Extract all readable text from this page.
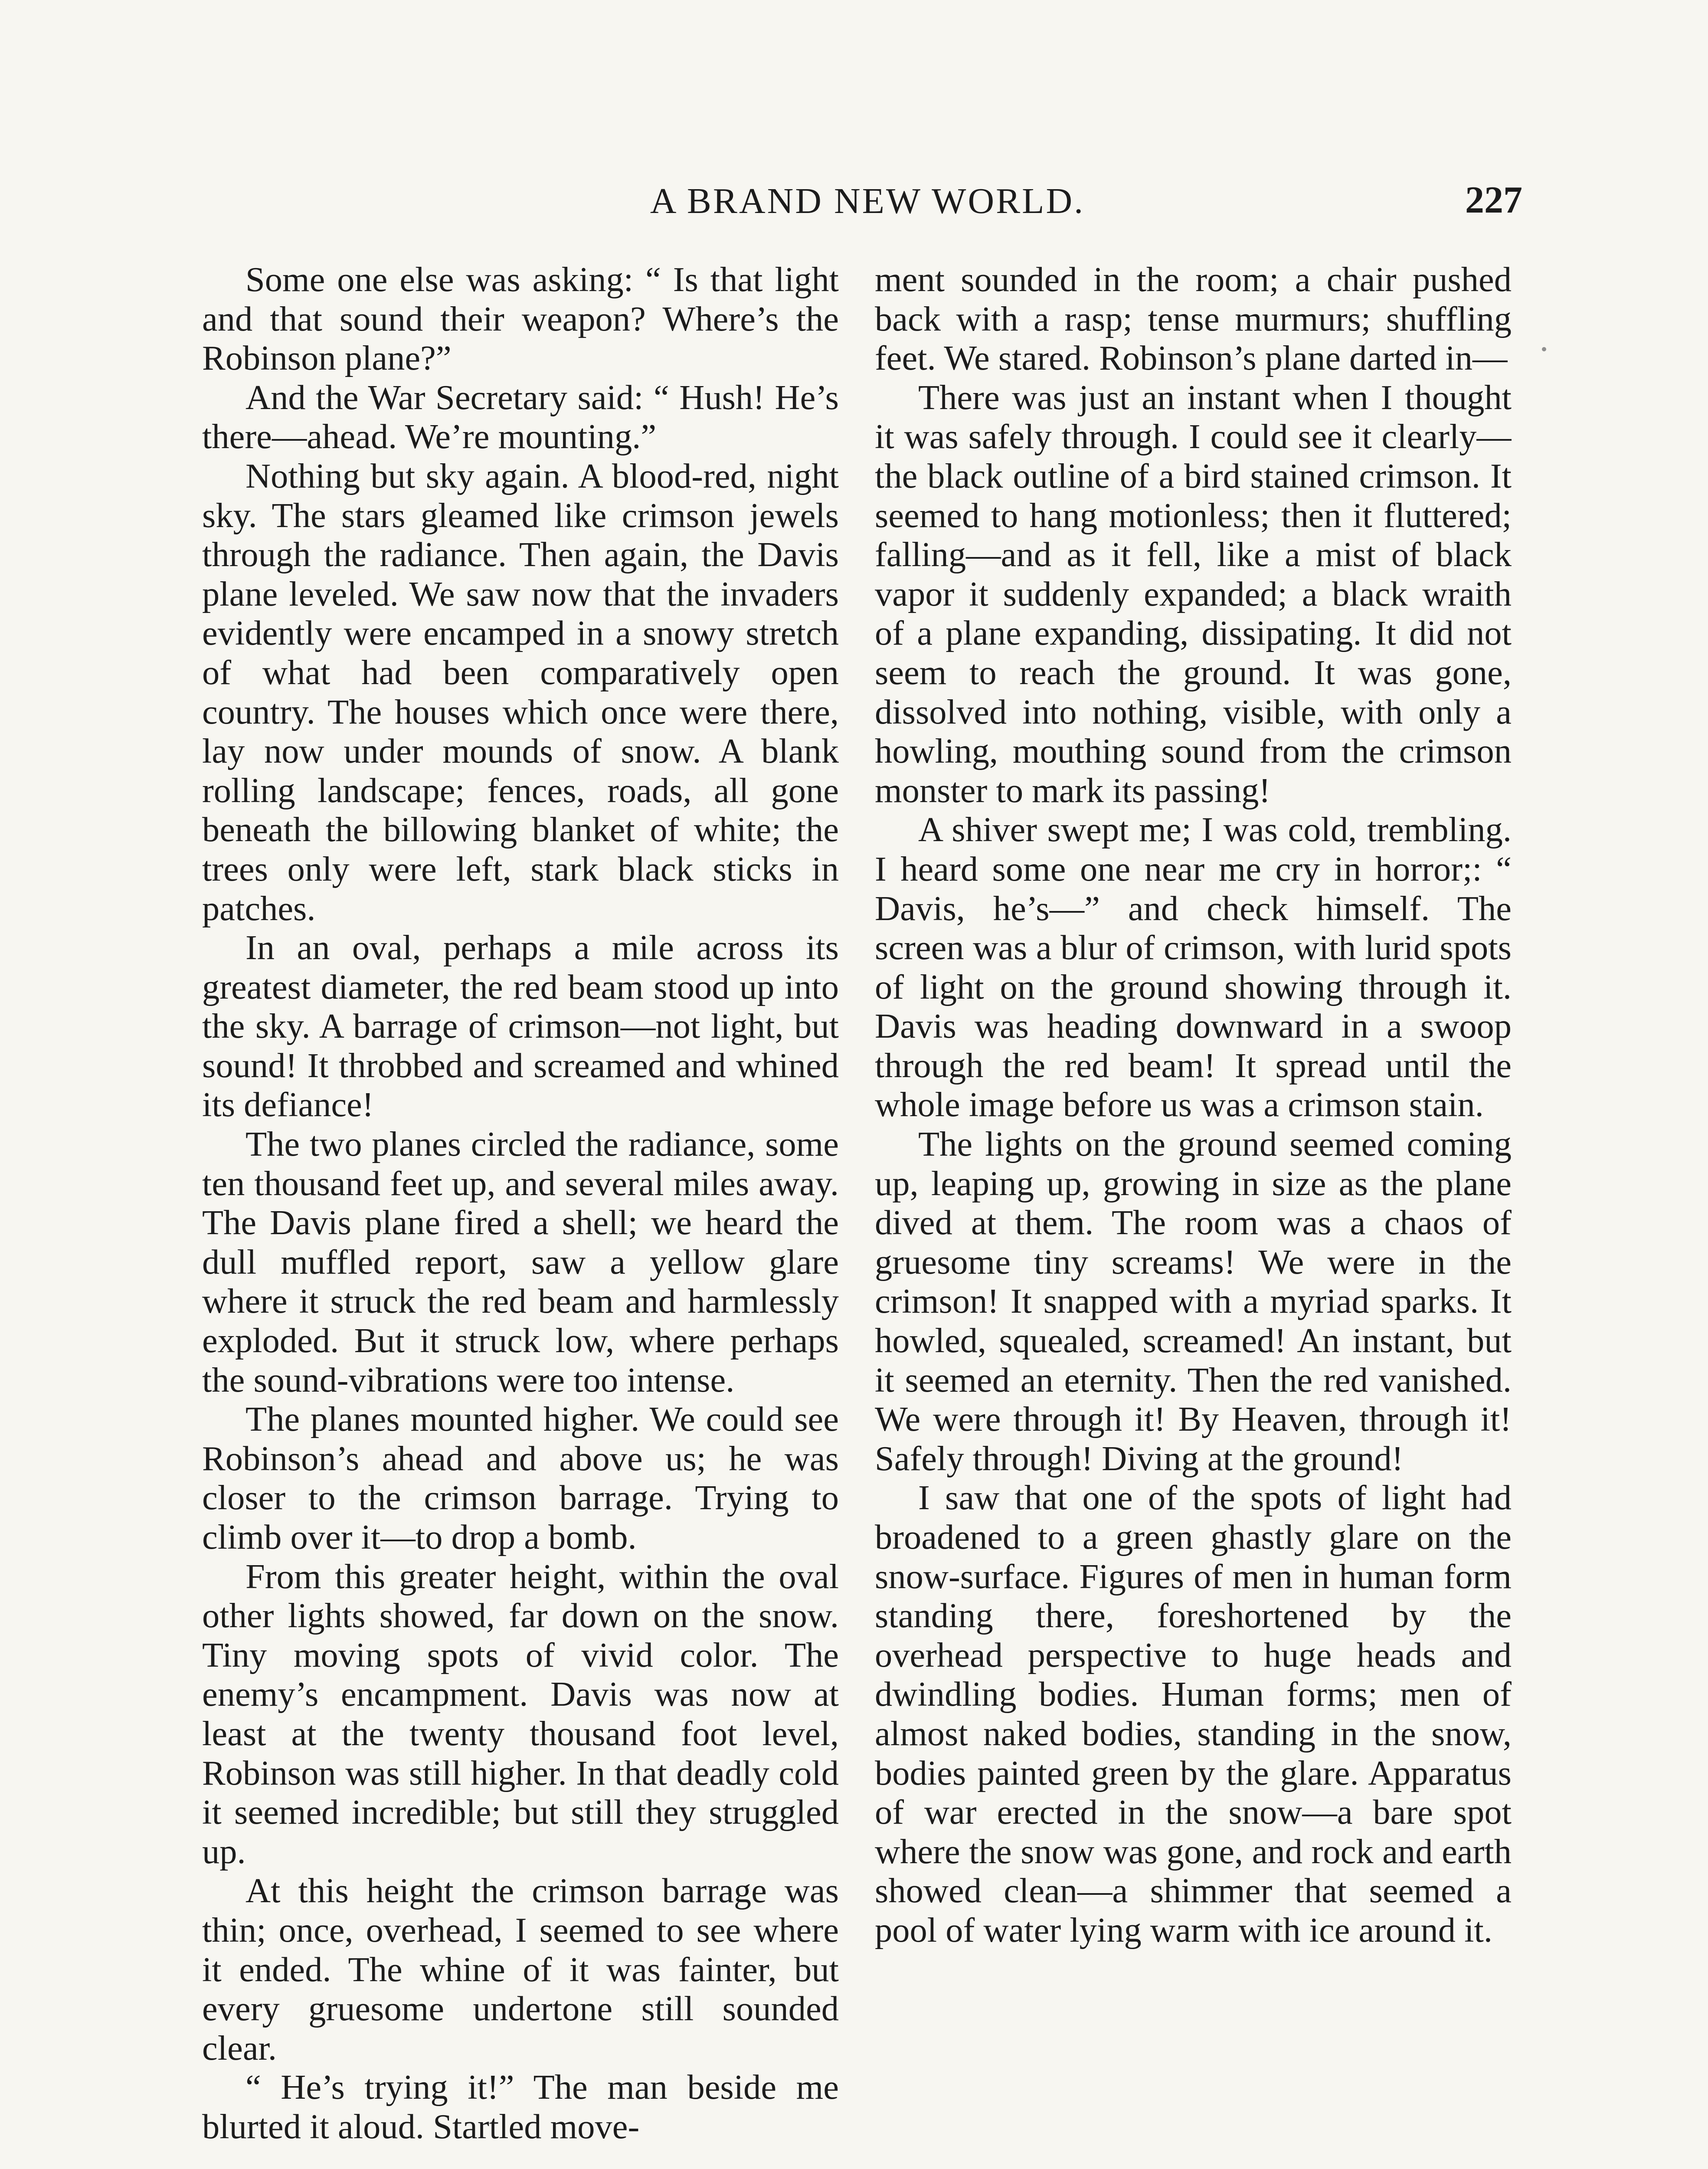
A BRAND NEW WORLD.	227

Some one else was asking: “ Is that light and that sound their weapon? Where’s the Robinson plane?”

And the War Secretary said: “ Hush! He’s there—ahead. We’re mounting.”

Nothing but sky again. A blood-red, night sky. The stars gleamed like crimson jewels through the radiance. Then again, the Davis plane leveled. We saw now that the invaders evidently were encamped in a snowy stretch of what had been comparatively open country. The houses which once were there, lay now under mounds of snow. A blank rolling landscape; fences, roads, all gone beneath the billowing blanket of white; the trees only were left, stark black sticks in patches.

In an oval, perhaps a mile across its greatest diameter, the red beam stood up into the sky. A barrage of crimson—not light, but sound! It throbbed and screamed and whined its defiance!

The two planes circled the radiance, some ten thousand feet up, and several miles away. The Davis plane fired a shell; we heard the dull muffled report, saw a yellow glare where it struck the red beam and harmlessly exploded. But it struck low, where perhaps the sound-vibrations were too intense.

The planes mounted higher. We could see Robinson’s ahead and above us; he was closer to the crimson barrage. Trying to climb over it—to drop a bomb.

From this greater height, within the oval other lights showed, far down on the snow. Tiny moving spots of vivid color. The enemy’s encampment. Davis was now at least at the twenty thousand foot level, Robinson was still higher. In that deadly cold it seemed incredible; but still they struggled up.

At this height the crimson barrage was thin; once, overhead, I seemed to see where it ended. The whine of it was fainter, but every gruesome undertone still sounded clear.

“ He’s trying it!” The man beside me blurted it aloud. Startled move-

ment sounded in the room; a chair pushed back with a rasp; tense murmurs; shuffling feet. We stared. Robinson’s plane darted in—

There was just an instant when I thought it was safely through. I could see it clearly—the black outline of a bird stained crimson. It seemed to hang motionless; then it fluttered; falling—and as it fell, like a mist of black vapor it suddenly expanded; a black wraith of a plane expanding, dissipating. It did not seem to reach the ground. It was gone, dissolved into nothing, visible, with only a howling, mouthing sound from the crimson monster to mark its passing!

A shiver swept me; I was cold, trembling. I heard some one near me cry in horror;: “ Davis, he’s—” and check himself. The screen was a blur of crimson, with lurid spots of light on the ground showing through it. Davis was heading downward in a swoop through the red beam! It spread until the whole image before us was a crimson stain.

The lights on the ground seemed coming up, leaping up, growing in size as the plane dived at them. The room was a chaos of gruesome tiny screams! We were in the crimson! It snapped with a myriad sparks. It howled, squealed, screamed! An instant, but it seemed an eternity. Then the red vanished. We were through it! By Heaven, through it! Safely through! Diving at the ground!

I saw that one of the spots of light had broadened to a green ghastly glare on the snow-surface. Figures of men in human form standing there, foreshortened by the overhead perspective to huge heads and dwindling bodies. Human forms; men of almost naked bodies, standing in the snow, bodies painted green by the glare. Apparatus of war erected in the snow—a bare spot where the snow was gone, and rock and earth showed clean—a shimmer that seemed a pool of water lying warm with ice around it.
